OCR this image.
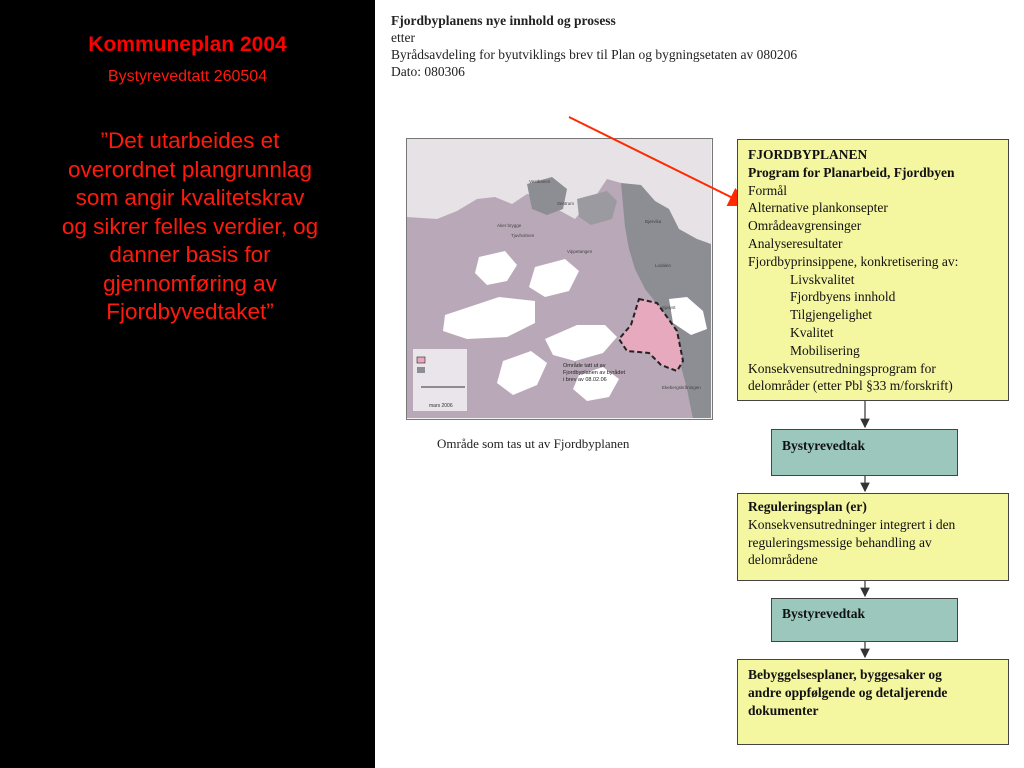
Kommuneplan 2004
Bystyrevedtatt 260504
”Det utarbeides et
overordnet plangrunnlag
som angir kvalitetskrav
og sikrer felles verdier, og
danner basis for
gjennomføring av
Fjordbyvedtaket”
Fjordbyplanens nye innhold og prosess
etter
Byrådsavdeling for byutviklings brev til Plan og bygningsetaten av 080206
Dato: 080306
Område tatt ut av
Fjordbyplanen av byrådet
i brev av 08.02.06
mars 2006
Vestbanen
Aker brygge
Tjuvholmen
Sentrum
Bjørvika
Vippetangen
Lodalen
Sjølyst
Ekebergskråningen
Område som tas ut av Fjordbyplanen
FJORDBYPLANEN
Program for Planarbeid, Fjordbyen
Formål
Alternative plankonsepter
Områdeavgrensinger
Analyseresultater
Fjordbyprinsippene, konkretisering av:
Livskvalitet
Fjordbyens innhold
Tilgjengelighet
Kvalitet
Mobilisering
Konsekvensutredningsprogram for
delområder (etter Pbl §33 m/forskrift)
Bystyrevedtak
Reguleringsplan (er)
Konsekvensutredninger integrert i den
reguleringsmessige behandling av
delområdene
Bystyrevedtak
Bebyggelsesplaner, byggesaker og
andre oppfølgende og detaljerende
dokumenter
